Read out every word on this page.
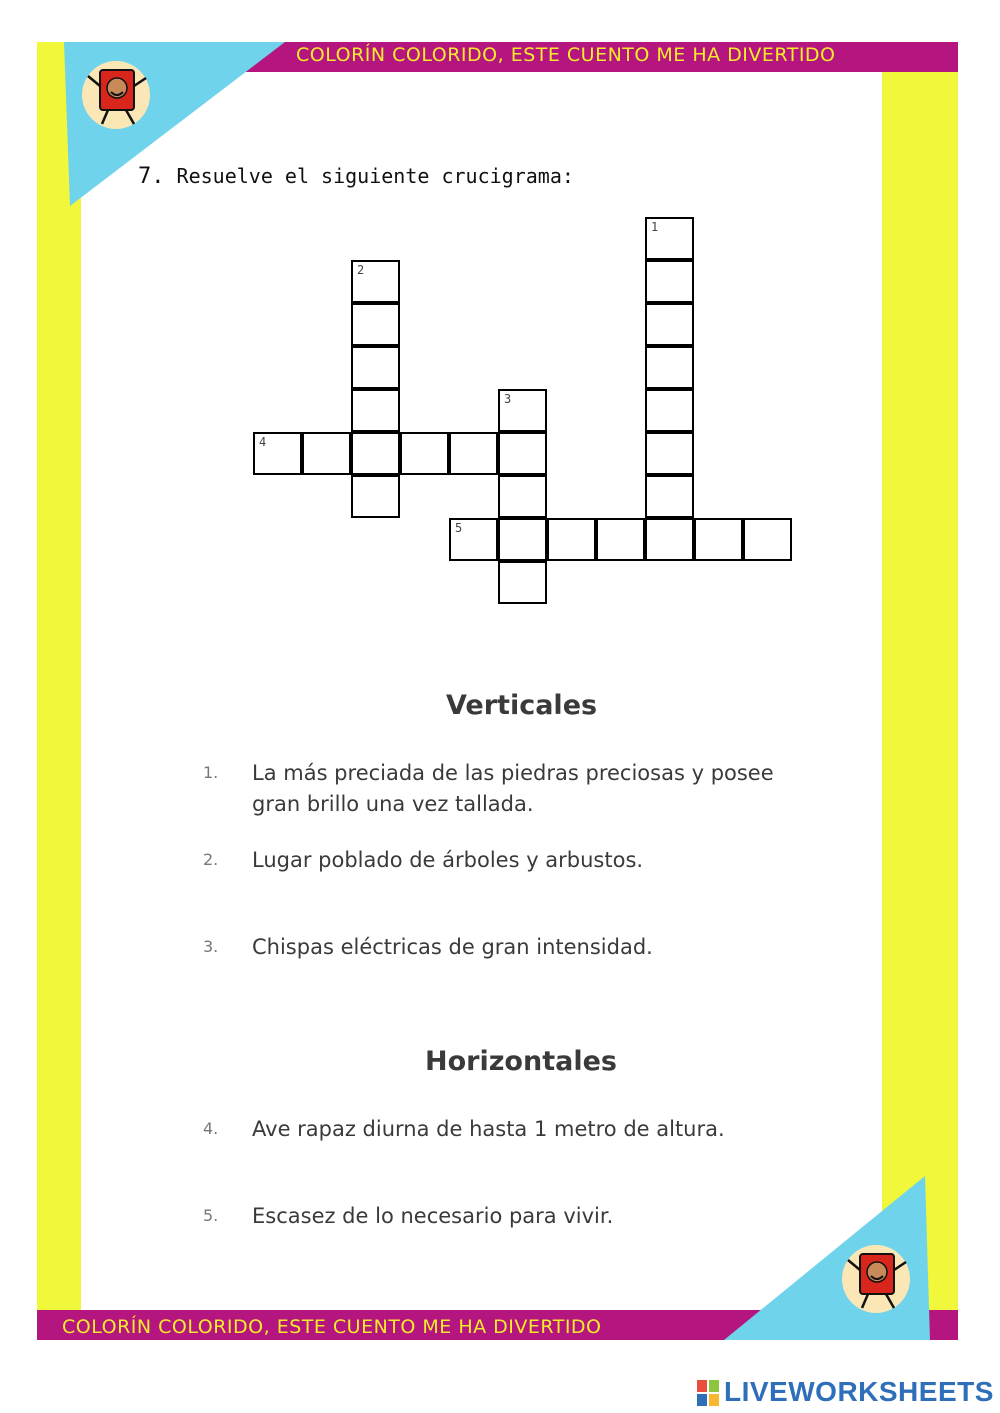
COLORÍN COLORIDO, ESTE CUENTO ME HA DIVERTIDO
COLORÍN COLORIDO, ESTE CUENTO ME HA DIVERTIDO
7. Resuelve el siguiente crucigrama:
1
2
3
4
5
Verticales
1. La más preciada de las piedras preciosas y posee gran brillo una vez tallada.
2. Lugar poblado de árboles y arbustos.
3. Chispas eléctricas de gran intensidad.
Horizontales
4. Ave rapaz diurna de hasta 1 metro de altura.
5. Escasez de lo necesario para vivir.
LIVEWORKSHEETS
